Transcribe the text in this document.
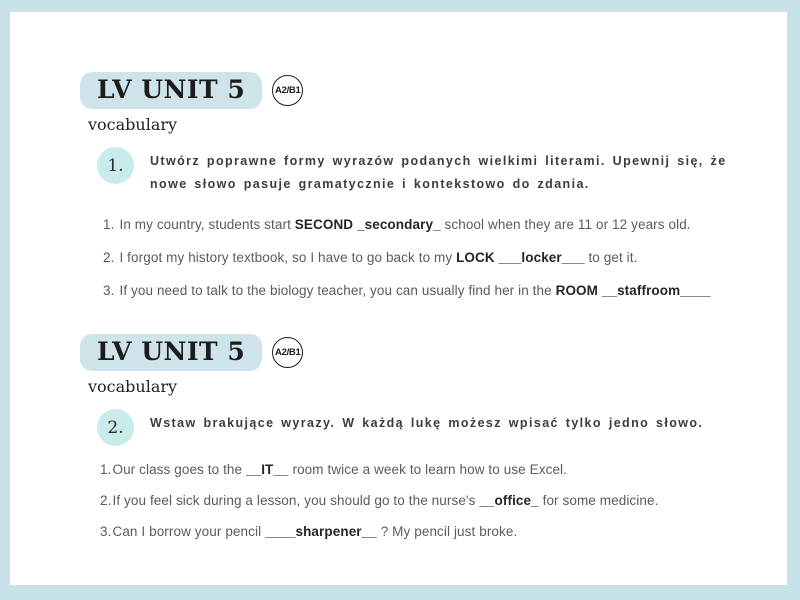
LV UNIT 5	A2/B1
vocabulary
1.	Utwórz poprawne formy wyrazów podanych wielkimi literami. Upewnij się, że nowe słowo pasuje gramatycznie i kontekstowo do zdania.
1. In my country, students start SECOND _secondary_ school when they are 11 or 12 years old.
2. I forgot my history textbook, so I have to go back to my LOCK ___locker___ to get it.
3. If you need to talk to the biology teacher, you can usually find her in the ROOM __staffroom____
LV UNIT 5	A2/B1
vocabulary
2.	Wstaw brakujące wyrazy. W każdą lukę możesz wpisać tylko jedno słowo.
1.Our class goes to the __IT__ room twice a week to learn how to use Excel.
2.If you feel sick during a lesson, you should go to the nurse's __office_ for some medicine.
3.Can I borrow your pencil ____sharpener__ ? My pencil just broke.
